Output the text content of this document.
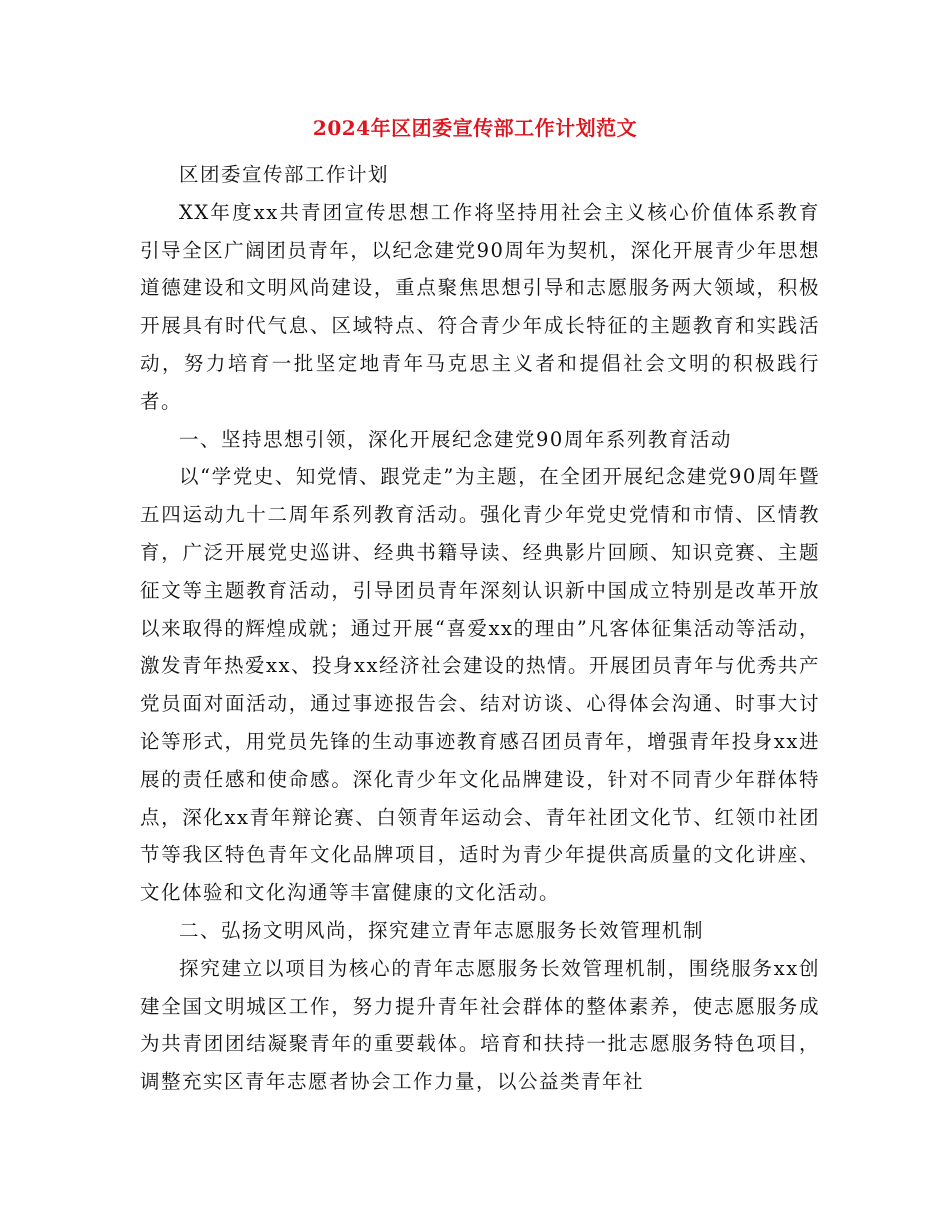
2024年区团委宣传部工作计划范文

区团委宣传部工作计划

XX年度xx共青团宣传思想工作将坚持用社会主义核心价值体系教育引导全区广阔团员青年，以纪念建党90周年为契机，深化开展青少年思想道德建设和文明风尚建设，重点聚焦思想引导和志愿服务两大领域，积极开展具有时代气息、区域特点、符合青少年成长特征的主题教育和实践活动，努力培育一批坚定地青年马克思主义者和提倡社会文明的积极践行者。

一、坚持思想引领，深化开展纪念建党90周年系列教育活动

以“学党史、知党情、跟党走”为主题，在全团开展纪念建党90周年暨五四运动九十二周年系列教育活动。强化青少年党史党情和市情、区情教育，广泛开展党史巡讲、经典书籍导读、经典影片回顾、知识竞赛、主题征文等主题教育活动，引导团员青年深刻认识新中国成立特别是改革开放以来取得的辉煌成就；通过开展“喜爱xx的理由”凡客体征集活动等活动，激发青年热爱xx、投身xx经济社会建设的热情。开展团员青年与优秀共产党员面对面活动，通过事迹报告会、结对访谈、心得体会沟通、时事大讨论等形式，用党员先锋的生动事迹教育感召团员青年，增强青年投身xx进展的责任感和使命感。深化青少年文化品牌建设，针对不同青少年群体特点，深化xx青年辩论赛、白领青年运动会、青年社团文化节、红领巾社团节等我区特色青年文化品牌项目，适时为青少年提供高质量的文化讲座、文化体验和文化沟通等丰富健康的文化活动。

二、弘扬文明风尚，探究建立青年志愿服务长效管理机制

探究建立以项目为核心的青年志愿服务长效管理机制，围绕服务xx创建全国文明城区工作，努力提升青年社会群体的整体素养，使志愿服务成为共青团团结凝聚青年的重要载体。培育和扶持一批志愿服务特色项目，调整充实区青年志愿者协会工作力量，以公益类青年社
